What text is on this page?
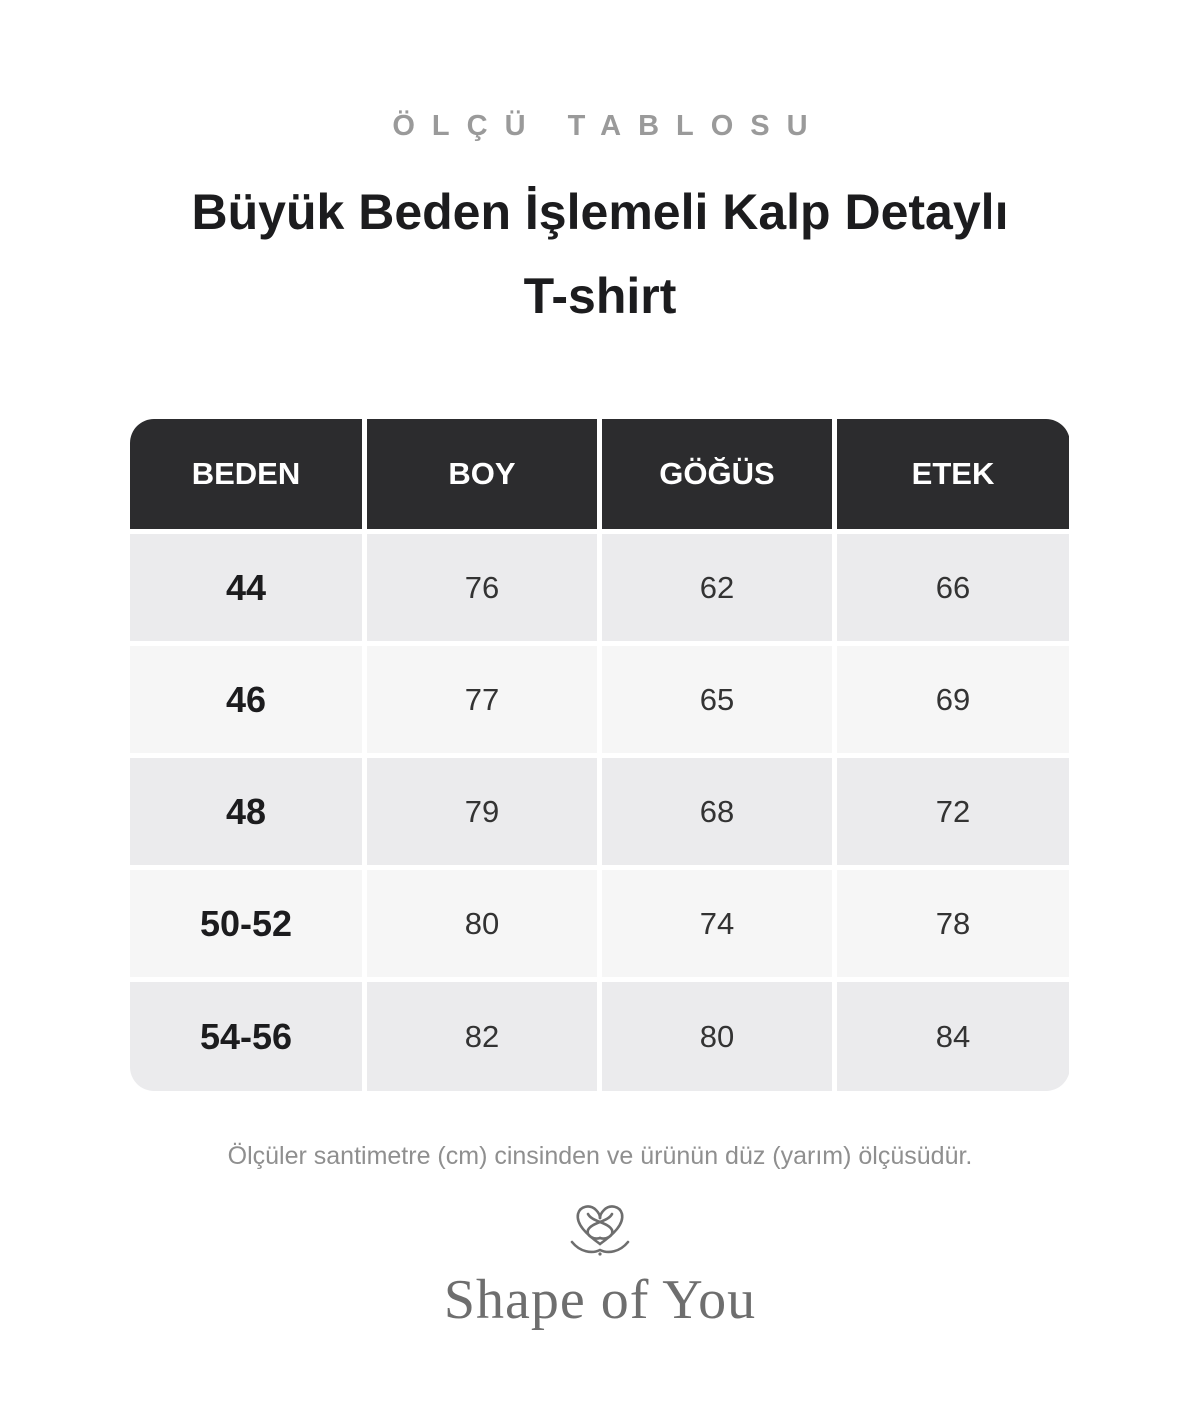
ÖLÇÜ TABLOSU
Büyük Beden İşlemeli Kalp Detaylı
T-shirt
BEDEN	BOY	GÖĞÜS	ETEK
44	76	62	66
46	77	65	69
48	79	68	72
50-52	80	74	78
54-56	82	80	84
Ölçüler santimetre (cm) cinsinden ve ürünün düz (yarım) ölçüsüdür.
Shape of You
